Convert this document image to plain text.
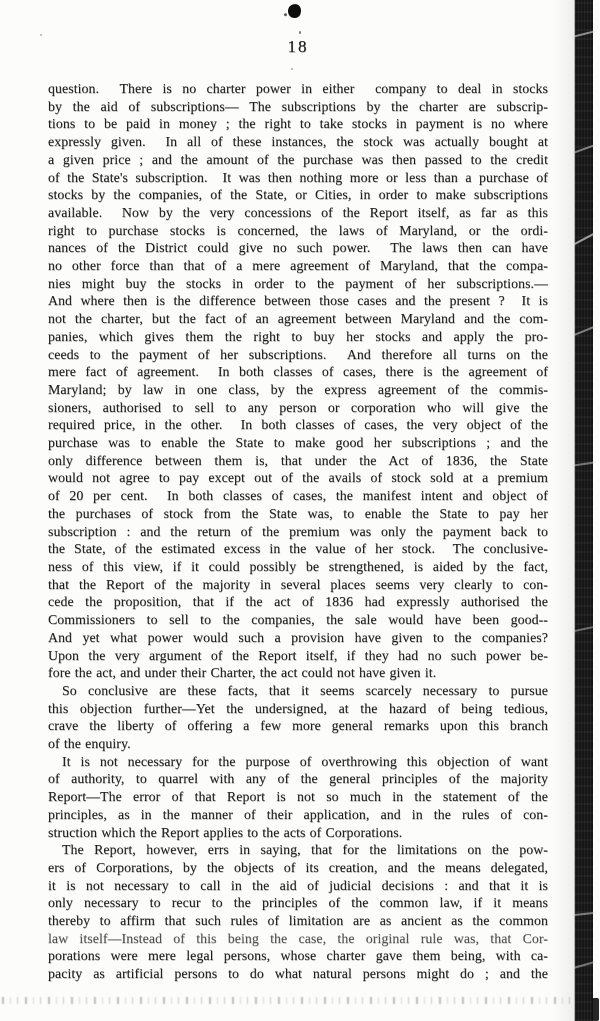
18
question.  There is no charter power in either  company to deal in stocks
by the aid of subscriptions— The subscriptions by the charter are subscrip-
tions to be paid in money ; the right to take stocks in payment is no where
expressly given.  In all of these instances, the stock was actually bought at
a given price ; and the amount of the purchase was then passed to the credit
of the State's subscription.  It was then nothing more or less than a purchase of
stocks by the companies, of the State, or Cities, in order to make subscriptions
available.  Now by the very concessions of the Report itself, as far as this
right to purchase stocks is concerned, the laws of Maryland, or the ordi-
nances of the District could give no such power.  The laws then can have
no other force than that of a mere agreement of Maryland, that the compa-
nies might buy the stocks in order to the payment of her subscriptions.—
And where then is the difference between those cases and the present ?  It is
not the charter, but the fact of an agreement between Maryland and the com-
panies, which gives them the right to buy her stocks and apply the pro-
ceeds to the payment of her subscriptions.  And therefore all turns on the
mere fact of agreement.  In both classes of cases, there is the agreement of
Maryland; by law in one class, by the express agreement of the commis-
sioners, authorised to sell to any person or corporation who will give the
required price, in the other.  In both classes of cases, the very object of the
purchase was to enable the State to make good her subscriptions ; and the
only difference between them is, that under the Act of 1836, the State
would not agree to pay except out of the avails of stock sold at a premium
of 20 per cent.  In both classes of cases, the manifest intent and object of
the purchases of stock from the State was, to enable the State to pay her
subscription : and the return of the premium was only the payment back to
the State, of the estimated excess in the value of her stock.  The conclusive-
ness of this view, if it could possibly be strengthened, is aided by the fact,
that the Report of the majority in several places seems very clearly to con-
cede the proposition, that if the act of 1836 had expressly authorised the
Commissioners to sell to the companies, the sale would have been good--
And yet what power would such a provision have given to the companies?
Upon the very argument of the Report itself, if they had no such power be-
fore the act, and under their Charter, the act could not have given it.
So conclusive are these facts, that it seems scarcely necessary to pursue
this objection further—Yet the undersigned, at the hazard of being tedious,
crave the liberty of offering a few more general remarks upon this branch
of the enquiry.
It is not necessary for the purpose of overthrowing this objection of want
of authority, to quarrel with any of the general principles of the majority
Report—The error of that Report is not so much in the statement of the
principles, as in the manner of their application, and in the rules of con-
struction which the Report applies to the acts of Corporations.
The Report, however, errs in saying, that for the limitations on the pow-
ers of Corporations, by the objects of its creation, and the means delegated,
it is not necessary to call in the aid of judicial decisions : and that it is
only necessary to recur to the principles of the common law, if it means
thereby to affirm that such rules of limitation are as ancient as the common
law itself—Instead of this being the case, the original rule was, that Cor-
porations were mere legal persons, whose charter gave them being, with ca-
pacity as artificial persons to do what natural persons might do ; and the
